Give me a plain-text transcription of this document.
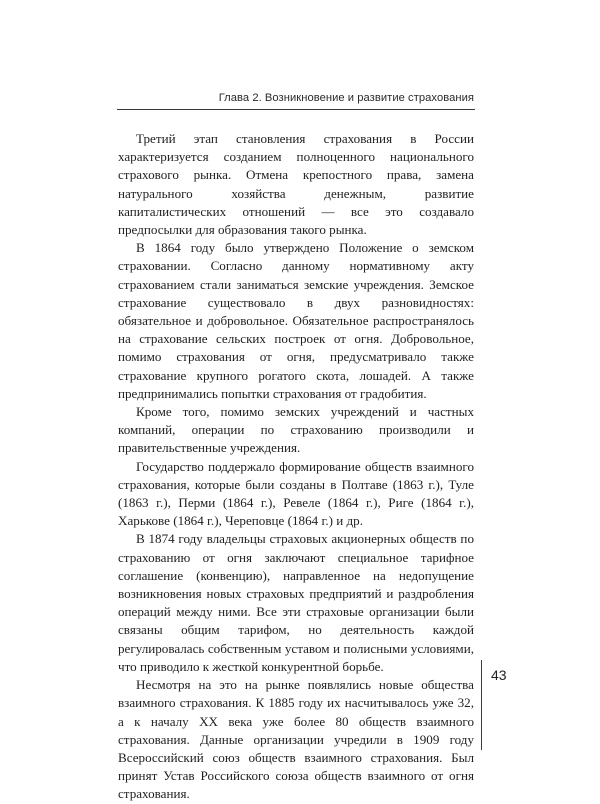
Глава 2. Возникновение и развитие страхования

Третий этап становления страхования в России характеризуется созданием полноценного национального страхового рынка. Отмена крепостного права, замена натурального хозяйства денежным, развитие капиталистических отношений — все это создавало предпосылки для образования такого рынка.

В 1864 году было утверждено Положение о земском страховании. Согласно данному нормативному акту страхованием стали заниматься земские учреждения. Земское страхование существовало в двух разновидностях: обязательное и добровольное. Обязательное распространялось на страхование сельских построек от огня. Добровольное, помимо страхования от огня, предусматривало также страхование крупного рогатого скота, лошадей. А также предпринимались попытки страхования от градобития.

Кроме того, помимо земских учреждений и частных компаний, операции по страхованию производили и правительственные учреждения.

Государство поддержало формирование обществ взаимного страхования, которые были созданы в Полтаве (1863 г.), Туле (1863 г.), Перми (1864 г.), Ревеле (1864 г.), Риге (1864 г.), Харькове (1864 г.), Череповце (1864 г.) и др.

В 1874 году владельцы страховых акционерных обществ по страхованию от огня заключают специальное тарифное соглашение (конвенцию), направленное на недопущение возникновения новых страховых предприятий и раздробления операций между ними. Все эти страховые организации были связаны общим тарифом, но деятельность каждой регулировалась собственным уставом и полисными условиями, что приводило к жесткой конкурентной борьбе.

Несмотря на это на рынке появлялись новые общества взаимного страхования. К 1885 году их насчитывалось уже 32, а к началу XX века уже более 80 обществ взаимного страхования. Данные организации учредили в 1909 году Всероссийский союз обществ взаимного страхования. Был принят Устав Российского союза обществ взаимного от огня страхования.

43
